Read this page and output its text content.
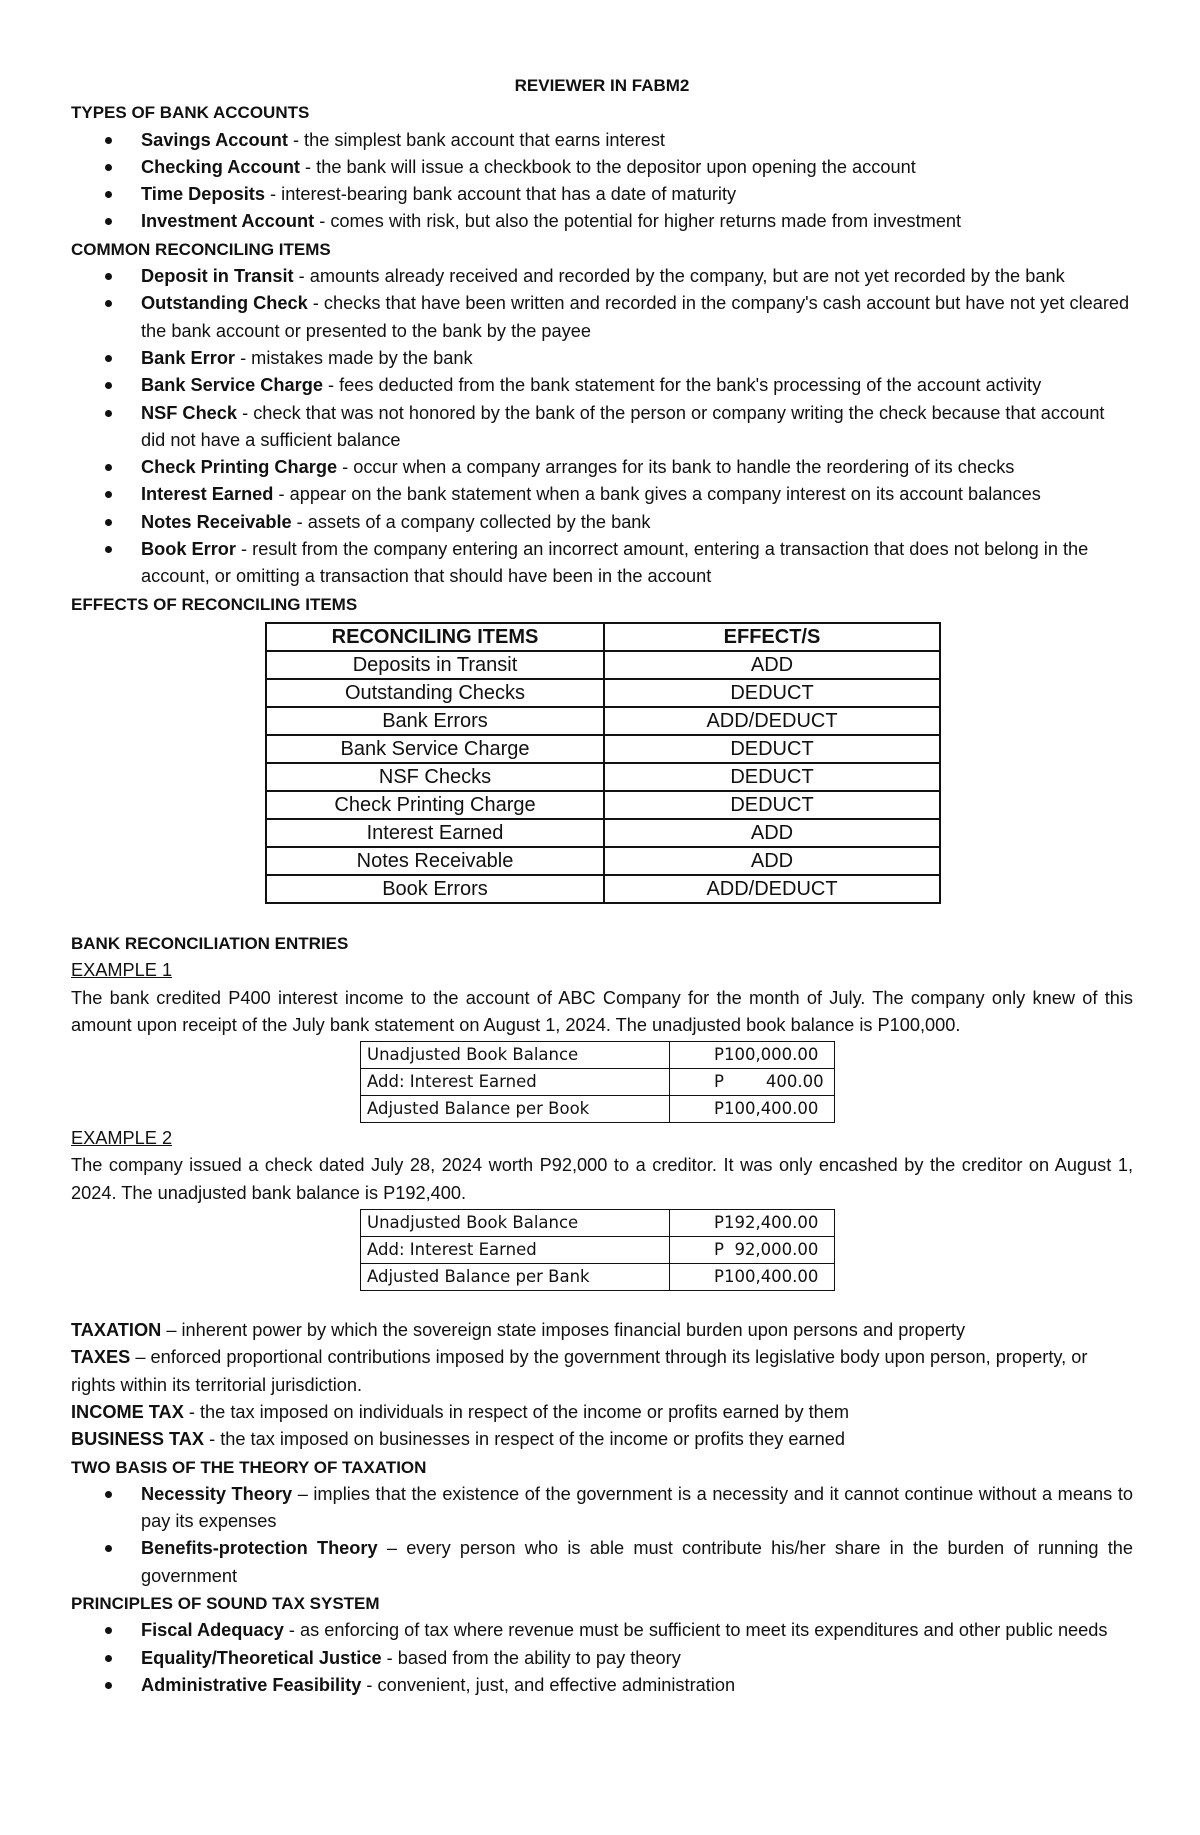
REVIEWER IN FABM2
TYPES OF BANK ACCOUNTS
Savings Account - the simplest bank account that earns interest
Checking Account - the bank will issue a checkbook to the depositor upon opening the account
Time Deposits - interest-bearing bank account that has a date of maturity
Investment Account - comes with risk, but also the potential for higher returns made from investment
COMMON RECONCILING ITEMS
Deposit in Transit - amounts already received and recorded by the company, but are not yet recorded by the bank
Outstanding Check - checks that have been written and recorded in the company's cash account but have not yet cleared the bank account or presented to the bank by the payee
Bank Error - mistakes made by the bank
Bank Service Charge - fees deducted from the bank statement for the bank's processing of the account activity
NSF Check - check that was not honored by the bank of the person or company writing the check because that account did not have a sufficient balance
Check Printing Charge - occur when a company arranges for its bank to handle the reordering of its checks
Interest Earned - appear on the bank statement when a bank gives a company interest on its account balances
Notes Receivable - assets of a company collected by the bank
Book Error - result from the company entering an incorrect amount, entering a transaction that does not belong in the account, or omitting a transaction that should have been in the account
EFFECTS OF RECONCILING ITEMS
RECONCILING ITEMS	EFFECT/S
Deposits in Transit	ADD
Outstanding Checks	DEDUCT
Bank Errors	ADD/DEDUCT
Bank Service Charge	DEDUCT
NSF Checks	DEDUCT
Check Printing Charge	DEDUCT
Interest Earned	ADD
Notes Receivable	ADD
Book Errors	ADD/DEDUCT
BANK RECONCILIATION ENTRIES
EXAMPLE 1

The bank credited P400 interest income to the account of ABC Company for the month of July. The company only knew of this amount upon receipt of the July bank statement on August 1, 2024. The unadjusted book balance is P100,000.

Unadjusted Book Balance	P100,000.00
Add: Interest Earned	P        400.00
Adjusted Balance per Book	P100,400.00
EXAMPLE 2

The company issued a check dated July 28, 2024 worth P92,000 to a creditor. It was only encashed by the creditor on August 1, 2024. The unadjusted bank balance is P192,400.

Unadjusted Book Balance	P192,400.00
Add: Interest Earned	P  92,000.00
Adjusted Balance per Bank	P100,400.00

TAXATION – inherent power by which the sovereign state imposes financial burden upon persons and property

TAXES – enforced proportional contributions imposed by the government through its legislative body upon person, property, or rights within its territorial jurisdiction.

INCOME TAX - the tax imposed on individuals in respect of the income or profits earned by them

BUSINESS TAX - the tax imposed on businesses in respect of the income or profits they earned

TWO BASIS OF THE THEORY OF TAXATION
Necessity Theory – implies that the existence of the government is a necessity and it cannot continue without a means to pay its expenses
Benefits-protection Theory – every person who is able must contribute his/her share in the burden of running the government
PRINCIPLES OF SOUND TAX SYSTEM
Fiscal Adequacy - as enforcing of tax where revenue must be sufficient to meet its expenditures and other public needs
Equality/Theoretical Justice - based from the ability to pay theory
Administrative Feasibility - convenient, just, and effective administration
